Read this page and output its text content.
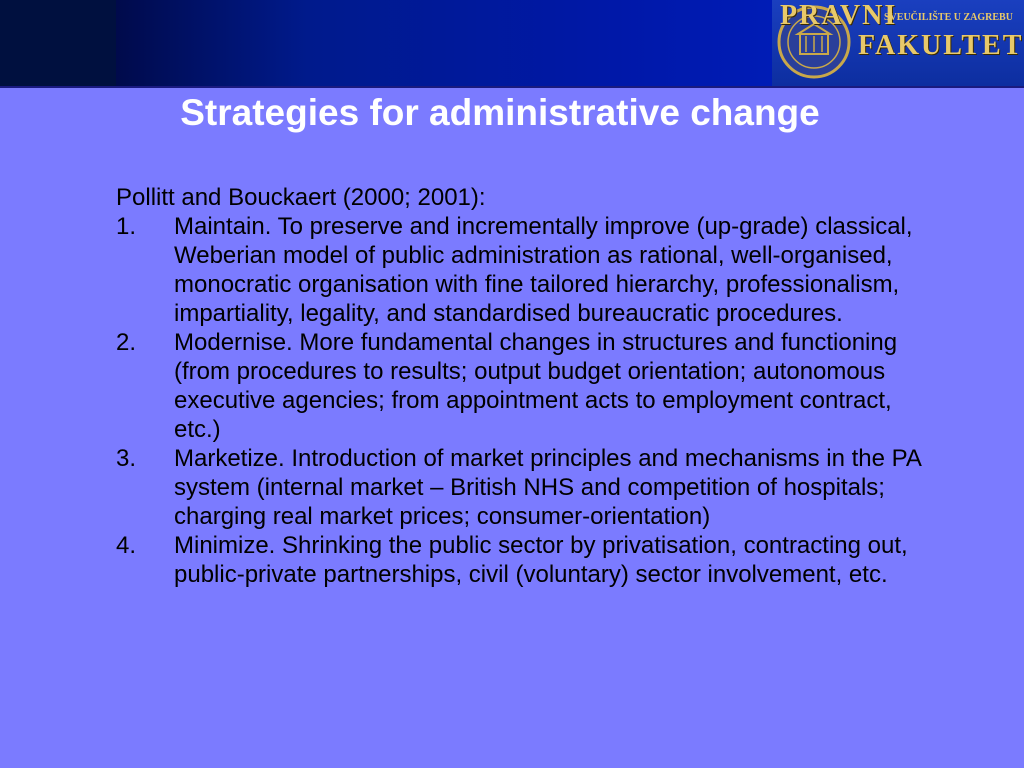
PRAVNI
SVEUČILIŠTE U ZAGREBU
FAKULTET
Strategies for administrative change

Pollitt and Bouckaert (2000; 2001):

1. Maintain. To preserve and incrementally improve (up-grade) classical, Weberian model of public administration as rational, well-organised, monocratic organisation with fine tailored hierarchy, professionalism, impartiality, legality, and standardised bureaucratic procedures.
2. Modernise. More fundamental changes in structures and functioning (from procedures to results; output budget orientation; autonomous executive agencies; from appointment acts to employment contract, etc.)
3. Marketize. Introduction of market principles and mechanisms in the PA system (internal market – British NHS and competition of hospitals; charging real market prices; consumer-orientation)
4. Minimize. Shrinking the public sector by privatisation, contracting out, public-private partnerships, civil (voluntary) sector involvement, etc.
